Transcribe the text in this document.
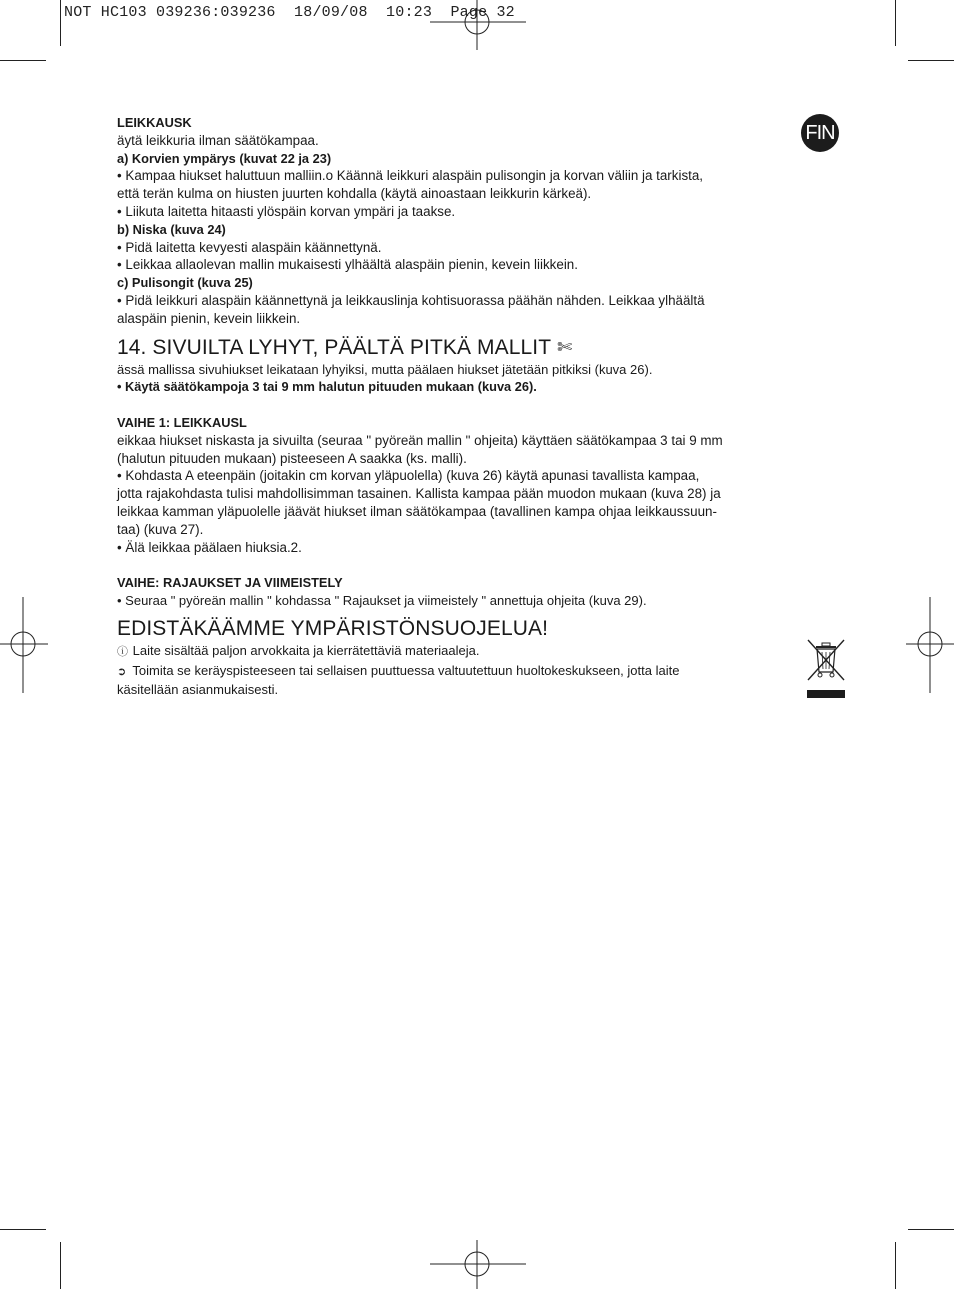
NOT HC103 039236:039236  18/09/08  10:23  Page 32
FIN
LEIKKAUSK
äytä leikkuria ilman säätökampaa.
a) Korvien ympärys (kuvat 22 ja 23)
• Kampaa hiukset haluttuun malliin.o Käännä leikkuri alaspäin pulisongin ja korvan väliin ja tarkista,
että terän kulma on hiusten juurten kohdalla (käytä ainoastaan leikkurin kärkeä).
• Liikuta laitetta hitaasti ylöspäin korvan ympäri ja taakse.
b) Niska (kuva 24)
• Pidä laitetta kevyesti alaspäin käännettynä.
• Leikkaa allaolevan mallin mukaisesti ylhäältä alaspäin pienin, kevein liikkein.
c) Pulisongit (kuva 25)
• Pidä leikkuri alaspäin käännettynä ja leikkauslinja kohtisuorassa päähän nähden. Leikkaa ylhäältä
alaspäin pienin, kevein liikkein.
14. SIVUILTA LYHYT, PÄÄLTÄ PITKÄ MALLIT ✄
ässä mallissa sivuhiukset leikataan lyhyiksi, mutta päälaen hiukset jätetään pitkiksi (kuva 26).
• Käytä säätökampoja 3 tai 9 mm halutun pituuden mukaan (kuva 26).
VAIHE 1: LEIKKAUSL
eikkaa hiukset niskasta ja sivuilta (seuraa " pyöreän mallin " ohjeita) käyttäen säätökampaa 3 tai 9 mm
(halutun pituuden mukaan) pisteeseen A saakka (ks. malli).
• Kohdasta A eteenpäin (joitakin cm korvan yläpuolella) (kuva 26) käytä apunasi tavallista kampaa,
jotta rajakohdasta tulisi mahdollisimman tasainen. Kallista kampaa pään muodon mukaan (kuva 28) ja
leikkaa kamman yläpuolelle jäävät hiukset ilman säätökampaa (tavallinen kampa ohjaa leikkaussuun-
taa) (kuva 27).
• Älä leikkaa päälaen hiuksia.2.
VAIHE: RAJAUKSET JA VIIMEISTELY
• Seuraa " pyöreän mallin " kohdassa " Rajaukset ja viimeistely " annettuja ohjeita (kuva 29).
EDISTÄKÄÄMME YMPÄRISTÖNSUOJELUA!
ⓘ Laite sisältää paljon arvokkaita ja kierrätettäviä materiaaleja.
➲ Toimita se keräyspisteeseen tai sellaisen puuttuessa valtuutettuun huoltokeskukseen, jotta laite
käsitellään asianmukaisesti.
